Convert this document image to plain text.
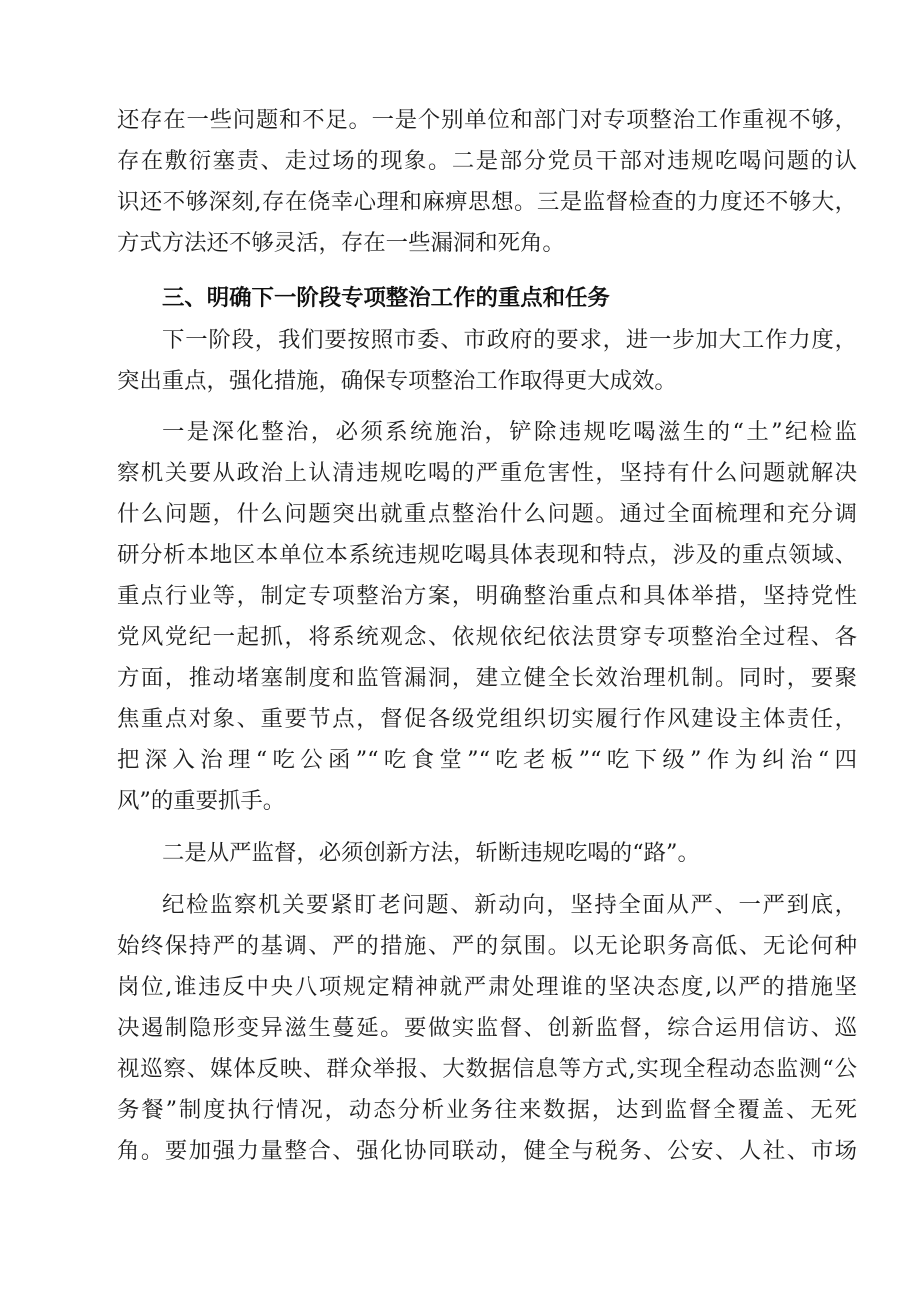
还存在一些问题和不足。一是个别单位和部门对专项整治工作重视不够，

存在敷衍塞责、走过场的现象。二是部分党员干部对违规吃喝问题的认

识还不够深刻,存在侥幸心理和麻痹思想。三是监督检查的力度还不够大，

方式方法还不够灵活，存在一些漏洞和死角。

三、明确下一阶段专项整治工作的重点和任务

下一阶段，我们要按照市委、市政府的要求，进一步加大工作力度，

突出重点，强化措施，确保专项整治工作取得更大成效。

一是深化整治，必须系统施治，铲除违规吃喝滋生的“土”纪检监

察机关要从政治上认清违规吃喝的严重危害性，坚持有什么问题就解决

什么问题，什么问题突出就重点整治什么问题。通过全面梳理和充分调

研分析本地区本单位本系统违规吃喝具体表现和特点，涉及的重点领域、

重点行业等，制定专项整治方案，明确整治重点和具体举措，坚持党性

党风党纪一起抓，将系统观念、依规依纪依法贯穿专项整治全过程、各

方面，推动堵塞制度和监管漏洞，建立健全长效治理机制。同时，要聚

焦重点对象、重要节点，督促各级党组织切实履行作风建设主体责任，

把深入治理“吃公函”“吃食堂”“吃老板”“吃下级”作为纠治“四

风”的重要抓手。

二是从严监督，必须创新方法，斩断违规吃喝的“路”。

纪检监察机关要紧盯老问题、新动向，坚持全面从严、一严到底，

始终保持严的基调、严的措施、严的氛围。以无论职务高低、无论何种

岗位,谁违反中央八项规定精神就严肃处理谁的坚决态度,以严的措施坚

决遏制隐形变异滋生蔓延。要做实监督、创新监督，综合运用信访、巡

视巡察、媒体反映、群众举报、大数据信息等方式,实现全程动态监测“公

务餐”制度执行情况，动态分析业务往来数据，达到监督全覆盖、无死

角。要加强力量整合、强化协同联动，健全与税务、公安、人社、市场
